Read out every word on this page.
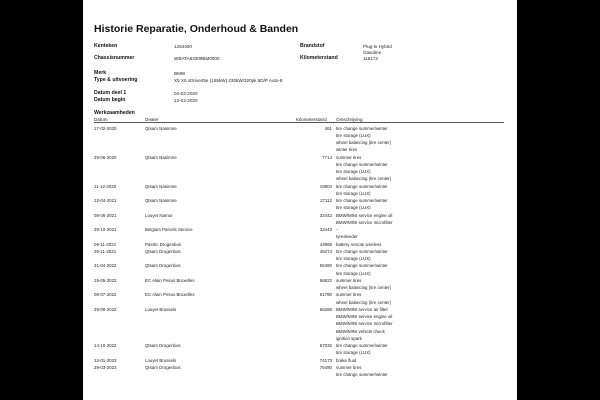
Historie Reparatie, Onderhoud & Banden
Kenteken	1264400	Brandstof	Plug-in Hybrid
Gasoline
Chassisnummer	WBATA63309BM0000	Kilometerstand	115172
Merk	BMW
Type & uitvoering	X5 X5 xDrive45e (155kW) 230kW/320pk 5D/P Auto-8
Datum deel 1	04-02-2020
Datum begin	13-02-2020
Werkzaamheden
Datum	Dealer	Kilometerstand Omschrijving
17-02-2020	Qtsam Nanimne	461 tire change summer/winter
tire storage (LUX)
wheel balancing (tire center)
winter tires
29-06-2020	Qtsam Nanimne	7714 summer tires
tire change summer/winter
tire storage (LUX)
wheel balancing (tire center)
11-12-2020	Qtsam Nanimne	19804 tire change summer/winter
tire storage (LUX)
12-04-2021	Qtsam Nanimne	27112 tire change summer/winter
tire storage (LUX)
08-06-2021	Louyet Namur	32443 BMW/MINI service engine oil
BMW/MINI service microfilter
29-10-2021	Belgium Parcels Service	32443 -
tyresleeder
09-11-2021	Pastric Drogenbos	43968 battery remote wireless
29-11-2021	Qtsam Drogenbos	45274 tire change summer/winter
tire storage (LUX)
21-04-2022	Qtsam Drogenbos	56490 tire change summer/winter
tire storage (LUX)
19-05-2022	EC Alain Pesus Bruxelles	56822 summer tires
wheel balancing (tire center)
08-07-2022	EC Alain Pesus Bruxelles	61780 summer tires
wheel balancing (tire center)
29-09-2022	Louyet Brussels	66285 BMW/MINI service air filter
BMW/MINI service engine oil
BMW/MINI service microfilter
BMW/MINI vehicle check
ignition spark
14-10-2022	Qtsam Drogenbos	67032 tire change summer/winter
tire storage (LUX)
12-01-2023	Louyet Brussels	74173 brake fluid
29-03-2023	Qtsam Drogenbos	76490 summer tires
tire change summer/winter
